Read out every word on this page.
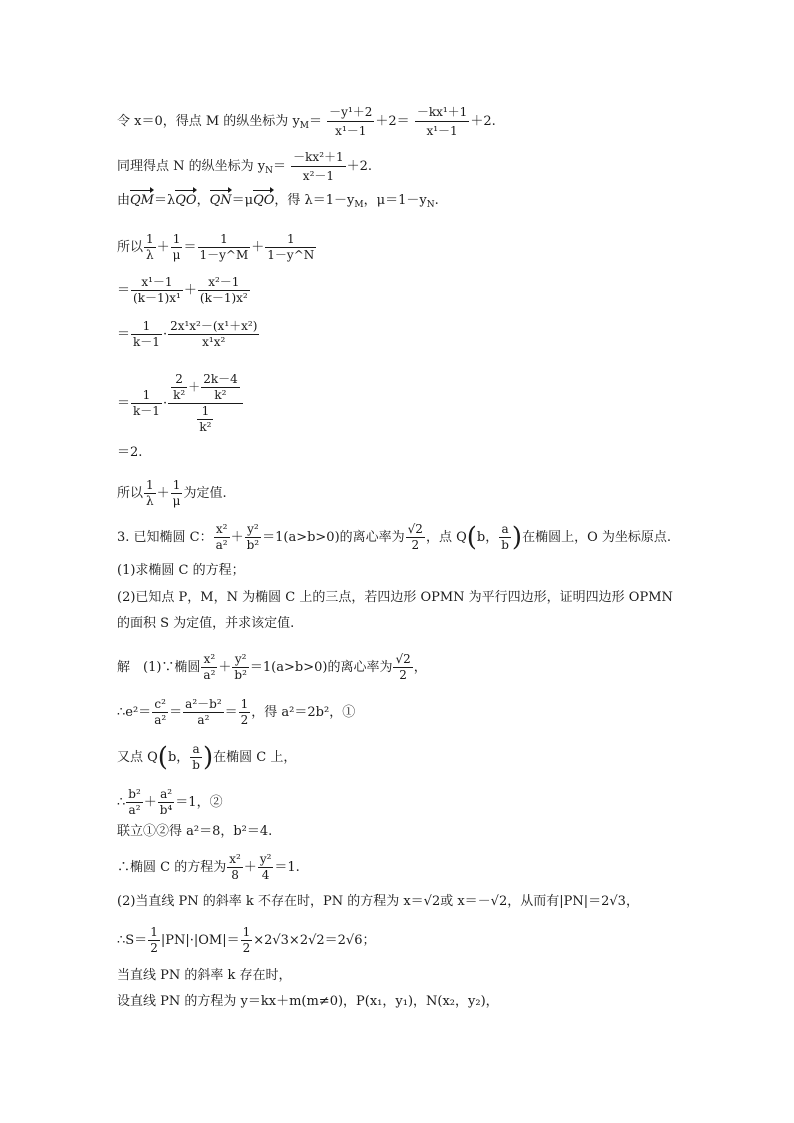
令 x＝0，得点 M 的纵坐标为 $y_M= \frac{\text{－y¹＋2}}{\text{x¹－1}} +2= \frac{\text{－kx¹＋1}}{\text{x¹－1}} +2$.
同理得点 N 的纵坐标为 $y_N= \frac{\text{－kx²＋1}}{\text{x²－1}} +2$.
由QM＝λQO，QN＝μQO，得 $\lambda=1-y_M$，$\mu=1-y_N$.
所以 $\frac{1}{\lambda} + \frac{1}{\mu} = \frac{1}{1-y\^{}M} + \frac{1}{1-y\^{}N}$
＝ $\frac{\text{x¹－1}}{\text{(k－1)x¹}} + \frac{\text{x²－1}}{\text{(k－1)x²}}$
＝ $\frac{1}{k-1} \cdot \frac{\text{2x¹x²－(x¹＋x²)}}{\text{x¹x²}}$
＝ $\frac{1}{k-1} \cdot \frac{\frac{2}{\text{k²}} + \frac{2k-4}{\text{k²}}}{\frac{1}{\text{k²}}}$
＝2.
所以 $\frac{1}{\lambda} + \frac{1}{\mu}$ 为定值.
3. 已知椭圆 C： $\frac{\text{x²}}{\text{a²}} + \frac{\text{y²}}{\text{b²}} =1(a>b>0)$的离心率为 $\frac{√2}{2}$ ，点 Q(b， $\frac{a}{b}$ )在椭圆上，O 为坐标原点.
(1)求椭圆 C 的方程；
(2)已知点 P，M，N 为椭圆 C 上的三点，若四边形 OPMN 为平行四边形，证明四边形 OPMN
的面积 S 为定值，并求该定值.
解　(1)∵椭圆 $\frac{\text{x²}}{\text{a²}} + \frac{\text{y²}}{\text{b²}} =1(a>b>0)$的离心率为 $\frac{√2}{2}$ ，
∴e²＝ $\frac{\text{c²}}{\text{a²}} = \frac{\text{a²－b²}}{\text{a²}} = \frac{1}{2}$ ，得 a²＝2b²，①
又点 Q(b， $\frac{a}{b}$ )在椭圆 C 上，
∴ $\frac{\text{b²}}{\text{a²}} + \frac{\text{a²}}{\text{b⁴}} =1$，②
联立①②得 a²＝8，b²＝4.
∴椭圆 C 的方程为 $\frac{\text{x²}}{8} + \frac{\text{y²}}{4} =1$.
(2)当直线 PN 的斜率 k 不存在时，PN 的方程为 x＝√2或 x＝－√2，从而有|PN|＝2√3，
∴S＝ $\frac{1}{2} |PN|\cdot|OM|= \frac{1}{2} \times 2√3\times 2√2=2√6$；
当直线 PN 的斜率 k 存在时，
设直线 PN 的方程为 y＝kx＋m(m≠0)，P(x₁，y₁)，N(x₂，y₂)，
